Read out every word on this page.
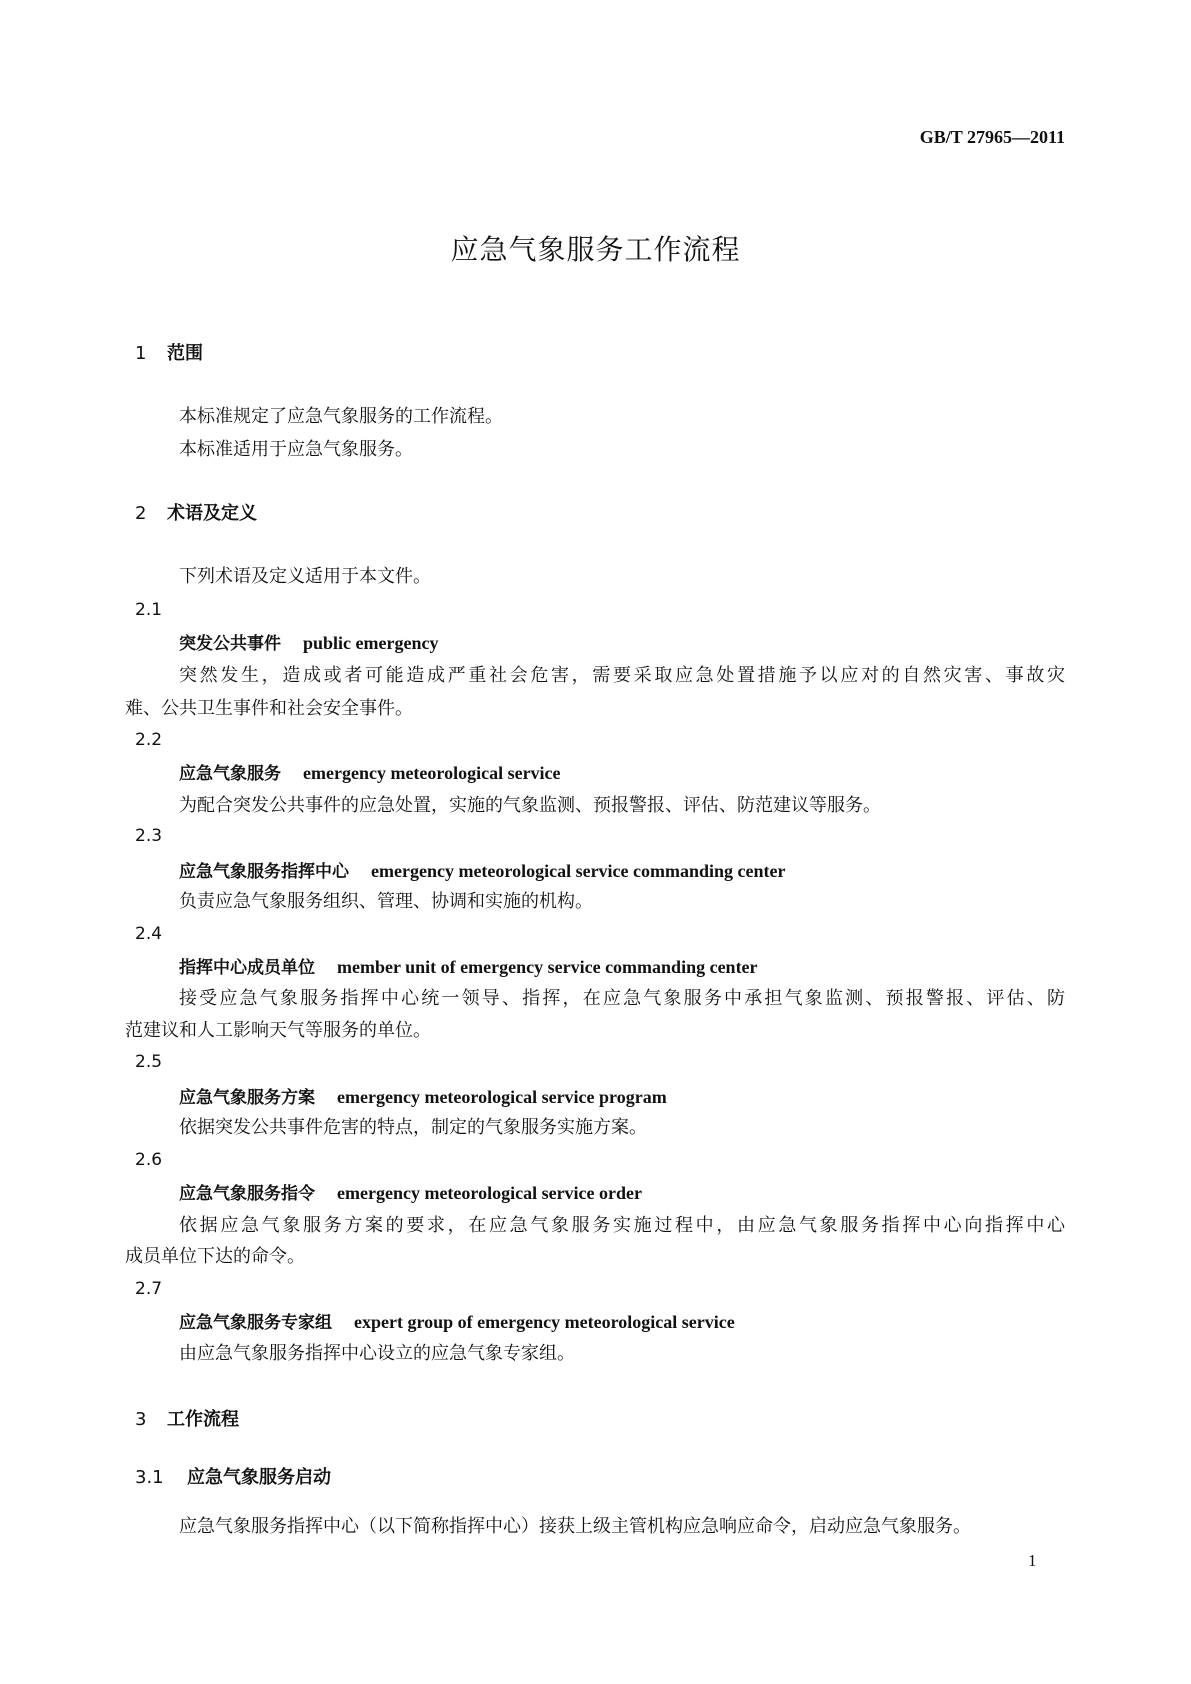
GB/T 27965—2011
应急气象服务工作流程
1 范围
本标准规定了应急气象服务的工作流程。
本标准适用于应急气象服务。
2 术语及定义
下列术语及定义适用于本文件。
2.1
突发公共事件 public emergency
突然发生，造成或者可能造成严重社会危害，需要采取应急处置措施予以应对的自然灾害、事故灾
难、公共卫生事件和社会安全事件。
2.2
应急气象服务 emergency meteorological service
为配合突发公共事件的应急处置，实施的气象监测、预报警报、评估、防范建议等服务。
2.3
应急气象服务指挥中心 emergency meteorological service commanding center
负责应急气象服务组织、管理、协调和实施的机构。
2.4
指挥中心成员单位 member unit of emergency service commanding center
接受应急气象服务指挥中心统一领导、指挥，在应急气象服务中承担气象监测、预报警报、评估、防
范建议和人工影响天气等服务的单位。
2.5
应急气象服务方案 emergency meteorological service program
依据突发公共事件危害的特点，制定的气象服务实施方案。
2.6
应急气象服务指令 emergency meteorological service order
依据应急气象服务方案的要求，在应急气象服务实施过程中，由应急气象服务指挥中心向指挥中心
成员单位下达的命令。
2.7
应急气象服务专家组 expert group of emergency meteorological service
由应急气象服务指挥中心设立的应急气象专家组。
3 工作流程
3.1 应急气象服务启动
应急气象服务指挥中心（以下简称指挥中心）接获上级主管机构应急响应命令，启动应急气象服务。
1
